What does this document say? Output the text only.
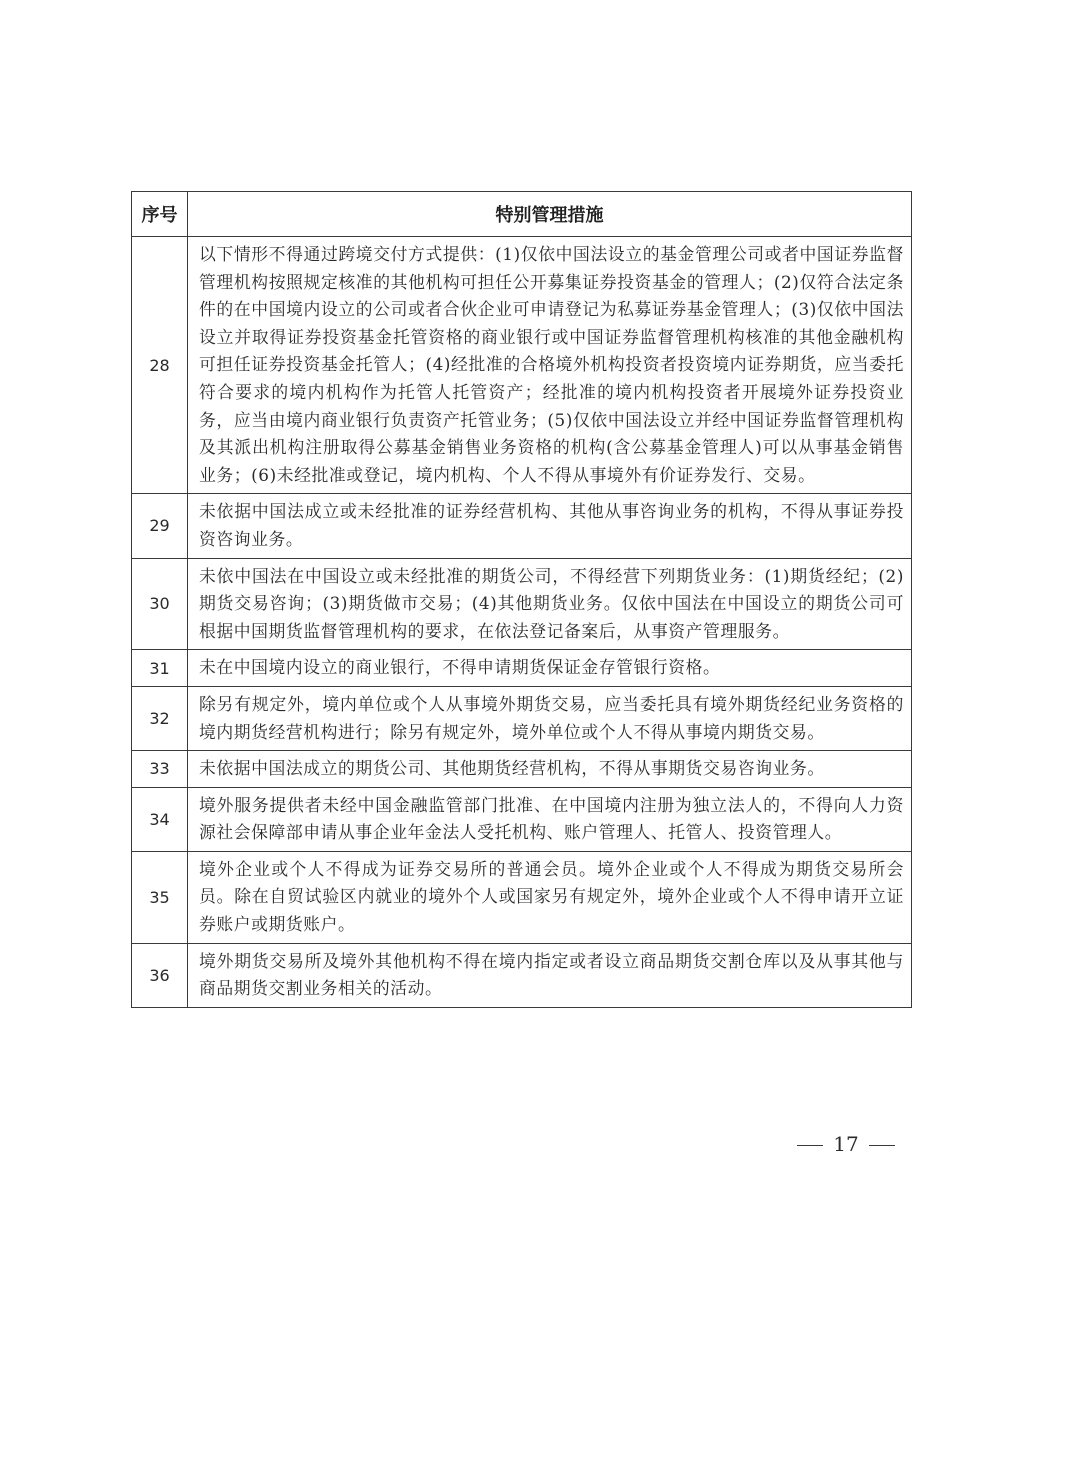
序号	特别管理措施
28	以下情形不得通过跨境交付方式提供：(1)仅依中国法设立的基金管理公司或者中国证券监督管理机构按照规定核准的其他机构可担任公开募集证券投资基金的管理人；(2)仅符合法定条件的在中国境内设立的公司或者合伙企业可申请登记为私募证券基金管理人；(3)仅依中国法设立并取得证券投资基金托管资格的商业银行或中国证券监督管理机构核准的其他金融机构可担任证券投资基金托管人；(4)经批准的合格境外机构投资者投资境内证券期货，应当委托符合要求的境内机构作为托管人托管资产；经批准的境内机构投资者开展境外证券投资业务，应当由境内商业银行负责资产托管业务；(5)仅依中国法设立并经中国证券监督管理机构及其派出机构注册取得公募基金销售业务资格的机构(含公募基金管理人)可以从事基金销售业务；(6)未经批准或登记，境内机构、个人不得从事境外有价证券发行、交易。
29	未依据中国法成立或未经批准的证券经营机构、其他从事咨询业务的机构，不得从事证券投资咨询业务。
30	未依中国法在中国设立或未经批准的期货公司，不得经营下列期货业务：(1)期货经纪；(2)期货交易咨询；(3)期货做市交易；(4)其他期货业务。仅依中国法在中国设立的期货公司可根据中国期货监督管理机构的要求，在依法登记备案后，从事资产管理服务。
31	未在中国境内设立的商业银行，不得申请期货保证金存管银行资格。
32	除另有规定外，境内单位或个人从事境外期货交易，应当委托具有境外期货经纪业务资格的境内期货经营机构进行；除另有规定外，境外单位或个人不得从事境内期货交易。
33	未依据中国法成立的期货公司、其他期货经营机构，不得从事期货交易咨询业务。
34	境外服务提供者未经中国金融监管部门批准、在中国境内注册为独立法人的，不得向人力资源社会保障部申请从事企业年金法人受托机构、账户管理人、托管人、投资管理人。
35	境外企业或个人不得成为证券交易所的普通会员。境外企业或个人不得成为期货交易所会员。除在自贸试验区内就业的境外个人或国家另有规定外，境外企业或个人不得申请开立证券账户或期货账户。
36	境外期货交易所及境外其他机构不得在境内指定或者设立商品期货交割仓库以及从事其他与商品期货交割业务相关的活动。
17
